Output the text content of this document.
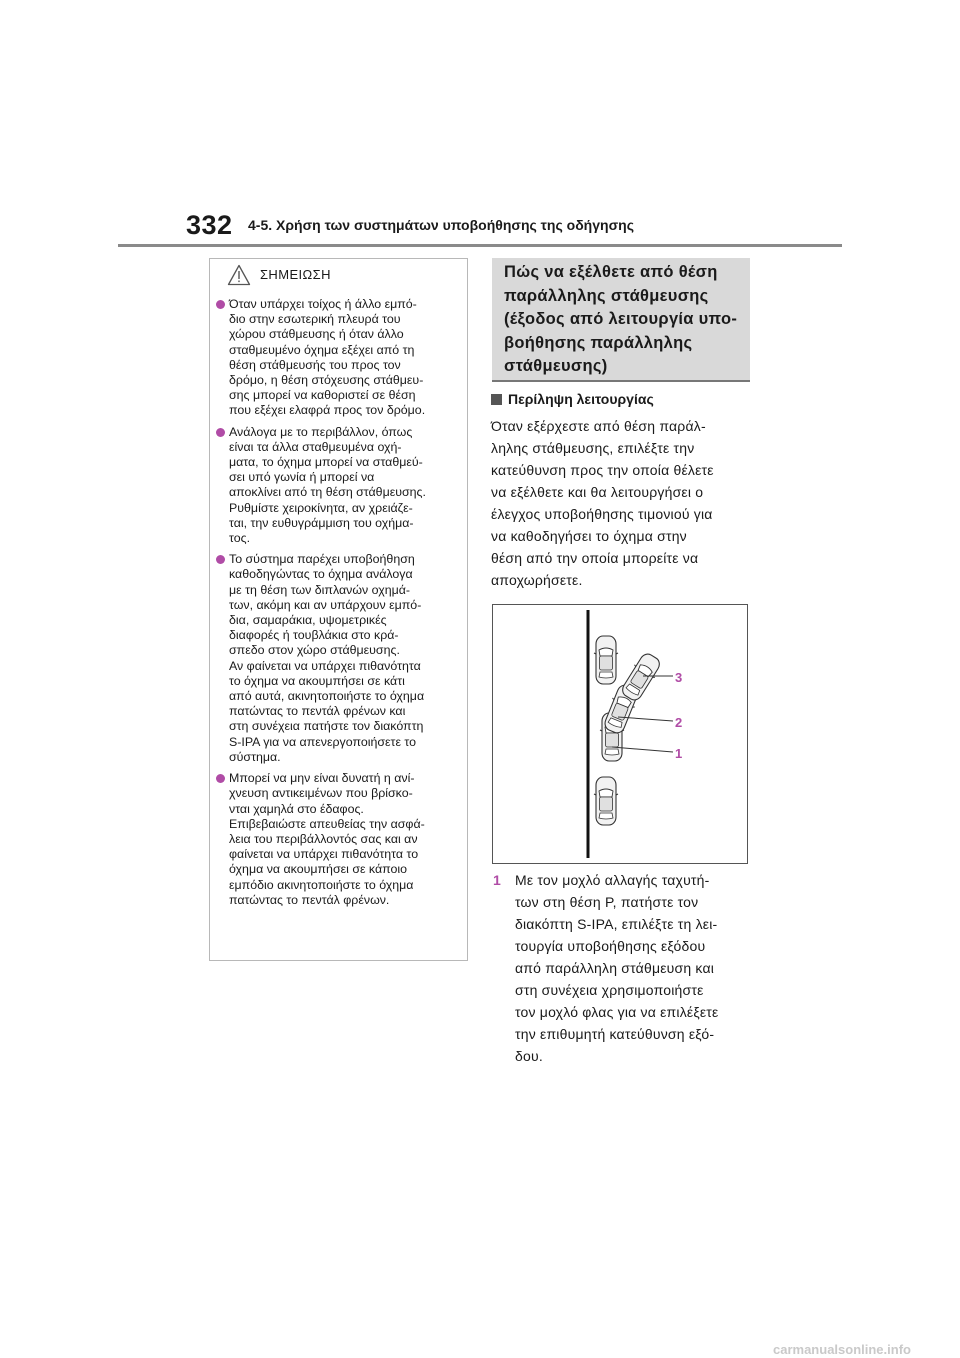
332 4-5. Χρήση των συστημάτων υποβοήθησης της οδήγησης
ΣΗΜΕΙΩΣΗ
Όταν υπάρχει τοίχος ή άλλο εμπό-
διο στην εσωτερική πλευρά του
χώρου στάθμευσης ή όταν άλλο
σταθμευμένο όχημα εξέχει από τη
θέση στάθμευσής του προς τον
δρόμο, η θέση στόχευσης στάθμευ-
σης μπορεί να καθοριστεί σε θέση
που εξέχει ελαφρά προς τον δρόμο.
Ανάλογα με το περιβάλλον, όπως
είναι τα άλλα σταθμευμένα οχή-
ματα, το όχημα μπορεί να σταθμεύ-
σει υπό γωνία ή μπορεί να
αποκλίνει από τη θέση στάθμευσης.
Ρυθμίστε χειροκίνητα, αν χρειάζε-
ται, την ευθυγράμμιση του οχήμα-
τος.
Το σύστημα παρέχει υποβοήθηση
καθοδηγώντας το όχημα ανάλογα
με τη θέση των διπλανών οχημά-
των, ακόμη και αν υπάρχουν εμπό-
δια, σαμαράκια, υψομετρικές
διαφορές ή τουβλάκια στο κρά-
σπεδο στον χώρο στάθμευσης.
Αν φαίνεται να υπάρχει πιθανότητα
το όχημα να ακουμπήσει σε κάτι
από αυτά, ακινητοποιήστε το όχημα
πατώντας το πεντάλ φρένων και
στη συνέχεια πατήστε τον διακόπτη
S-IPA για να απενεργοποιήσετε το
σύστημα.
Μπορεί να μην είναι δυνατή η ανί-
χνευση αντικειμένων που βρίσκο-
νται χαμηλά στο έδαφος.
Επιβεβαιώστε απευθείας την ασφά-
λεια του περιβάλλοντός σας και αν
φαίνεται να υπάρχει πιθανότητα το
όχημα να ακουμπήσει σε κάποιο
εμπόδιο ακινητοποιήστε το όχημα
πατώντας το πεντάλ φρένων.

Πώς να εξέλθετε από θέση
παράλληλης στάθμευσης
(έξοδος από λειτουργία υπο-
βοήθησης παράλληλης
στάθμευσης)

Περίληψη λειτουργίας

Όταν εξέρχεστε από θέση παράλ-
ληλης στάθμευσης, επιλέξτε την
κατεύθυνση προς την οποία θέλετε
να εξέλθετε και θα λειτουργήσει ο
έλεγχος υποβοήθησης τιμονιού για
να καθοδηγήσει το όχημα στην
θέση από την οποία μπορείτε να
αποχωρήσετε.

3
2
1
1 Με τον μοχλό αλλαγής ταχυτή-
των στη θέση P, πατήστε τον
διακόπτη S-IPA, επιλέξτε τη λει-
τουργία υποβοήθησης εξόδου
από παράλληλη στάθμευση και
στη συνέχεια χρησιμοποιήστε
τον μοχλό φλας για να επιλέξετε
την επιθυμητή κατεύθυνση εξό-
δου.
carmanualsonline.info
